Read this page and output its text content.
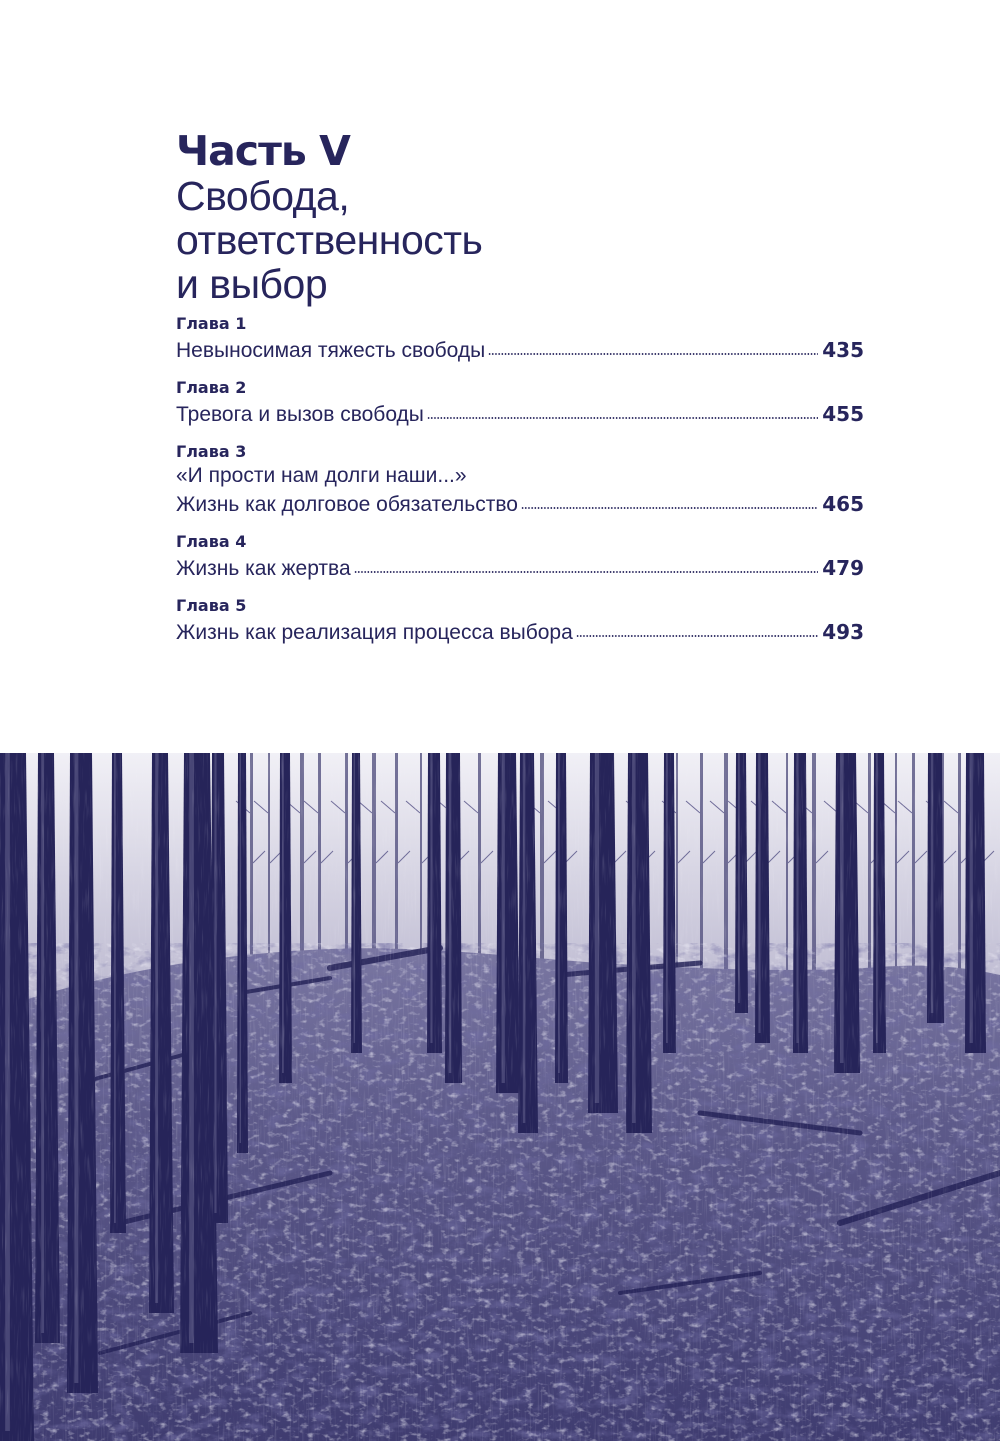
Часть V
Свобода,
ответственность
и выбор
Глава 1
Невыносимая тяжесть свободы	435
Глава 2
Тревога и вызов свободы	455
Глава 3
«И прости нам долги наши...»
Жизнь как долговое обязательство	465
Глава 4
Жизнь как жертва	479
Глава 5
Жизнь как реализация процесса выбора	493
